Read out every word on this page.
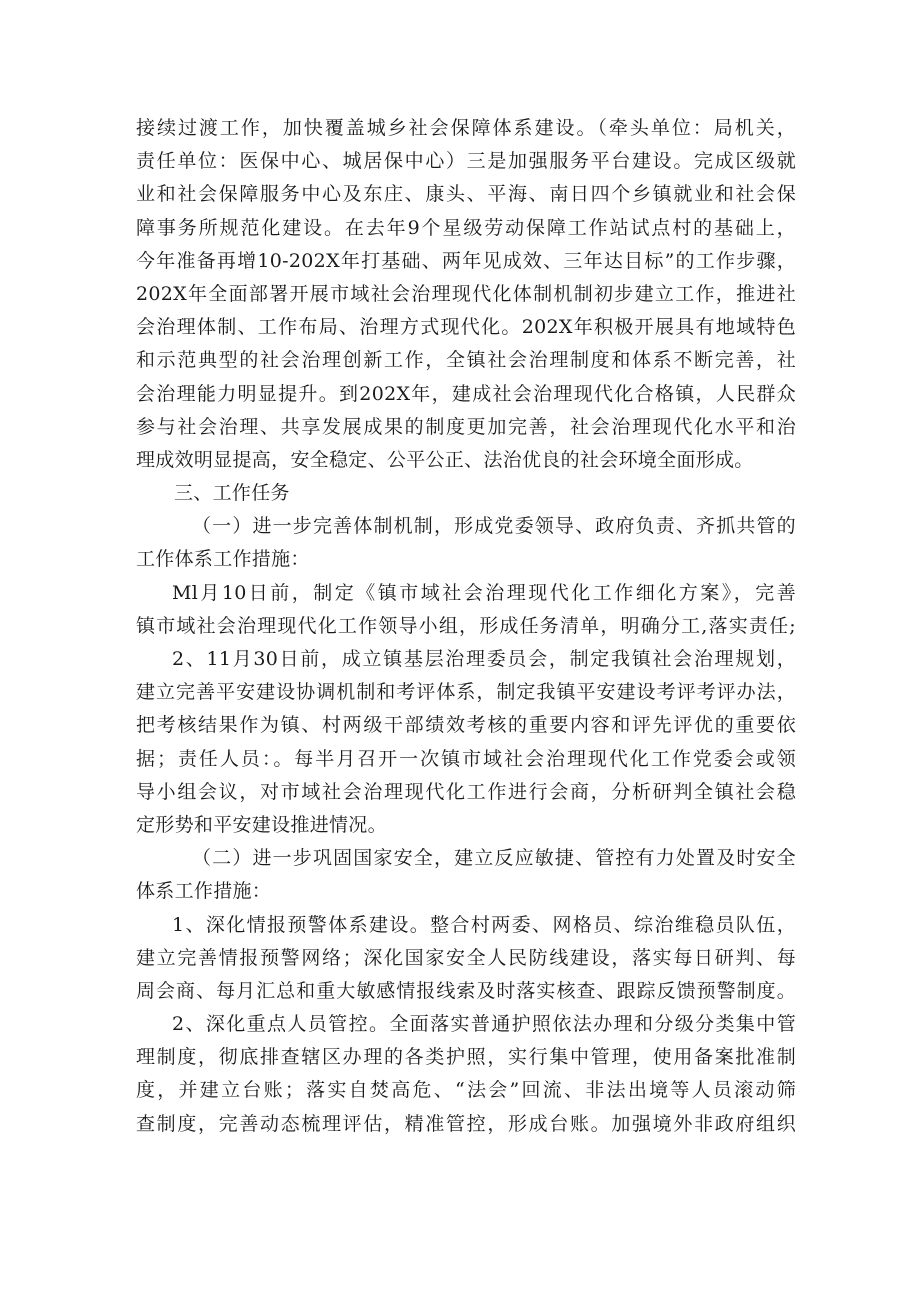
接续过渡工作，加快覆盖城乡社会保障体系建设。（牵头单位：局机关，
责任单位：医保中心、城居保中心）三是加强服务平台建设。完成区级就
业和社会保障服务中心及东庄、康头、平海、南日四个乡镇就业和社会保
障事务所规范化建设。在去年9个星级劳动保障工作站试点村的基础上，
今年准备再增10-202X年打基础、两年见成效、三年达目标”的工作步骤，
202X年全面部署开展市域社会治理现代化体制机制初步建立工作，推进社
会治理体制、工作布局、治理方式现代化。202X年积极开展具有地域特色
和示范典型的社会治理创新工作，全镇社会治理制度和体系不断完善，社
会治理能力明显提升。到202X年，建成社会治理现代化合格镇，人民群众
参与社会治理、共享发展成果的制度更加完善，社会治理现代化水平和治
理成效明显提高，安全稳定、公平公正、法治优良的社会环境全面形成。
三、工作任务
（一）进一步完善体制机制，形成党委领导、政府负责、齐抓共管的
工作体系工作措施：
Ml月10日前，制定《镇市域社会治理现代化工作细化方案》，完善
镇市域社会治理现代化工作领导小组，形成任务清单，明确分工,落实责任;
2、11月30日前，成立镇基层治理委员会，制定我镇社会治理规划，
建立完善平安建设协调机制和考评体系，制定我镇平安建设考评考评办法，
把考核结果作为镇、村两级干部绩效考核的重要内容和评先评优的重要依
据；责任人员：。每半月召开一次镇市域社会治理现代化工作党委会或领
导小组会议，对市域社会治理现代化工作进行会商，分析研判全镇社会稳
定形势和平安建设推进情况。
（二）进一步巩固国家安全，建立反应敏捷、管控有力处置及时安全
体系工作措施：
1、深化情报预警体系建设。整合村两委、网格员、综治维稳员队伍，
建立完善情报预警网络；深化国家安全人民防线建设，落实每日研判、每
周会商、每月汇总和重大敏感情报线索及时落实核查、跟踪反馈预警制度。
2、深化重点人员管控。全面落实普通护照依法办理和分级分类集中管
理制度，彻底排查辖区办理的各类护照，实行集中管理，使用备案批准制
度，并建立台账；落实自焚高危、“法会”回流、非法出境等人员滚动筛
查制度，完善动态梳理评估，精准管控，形成台账。加强境外非政府组织
